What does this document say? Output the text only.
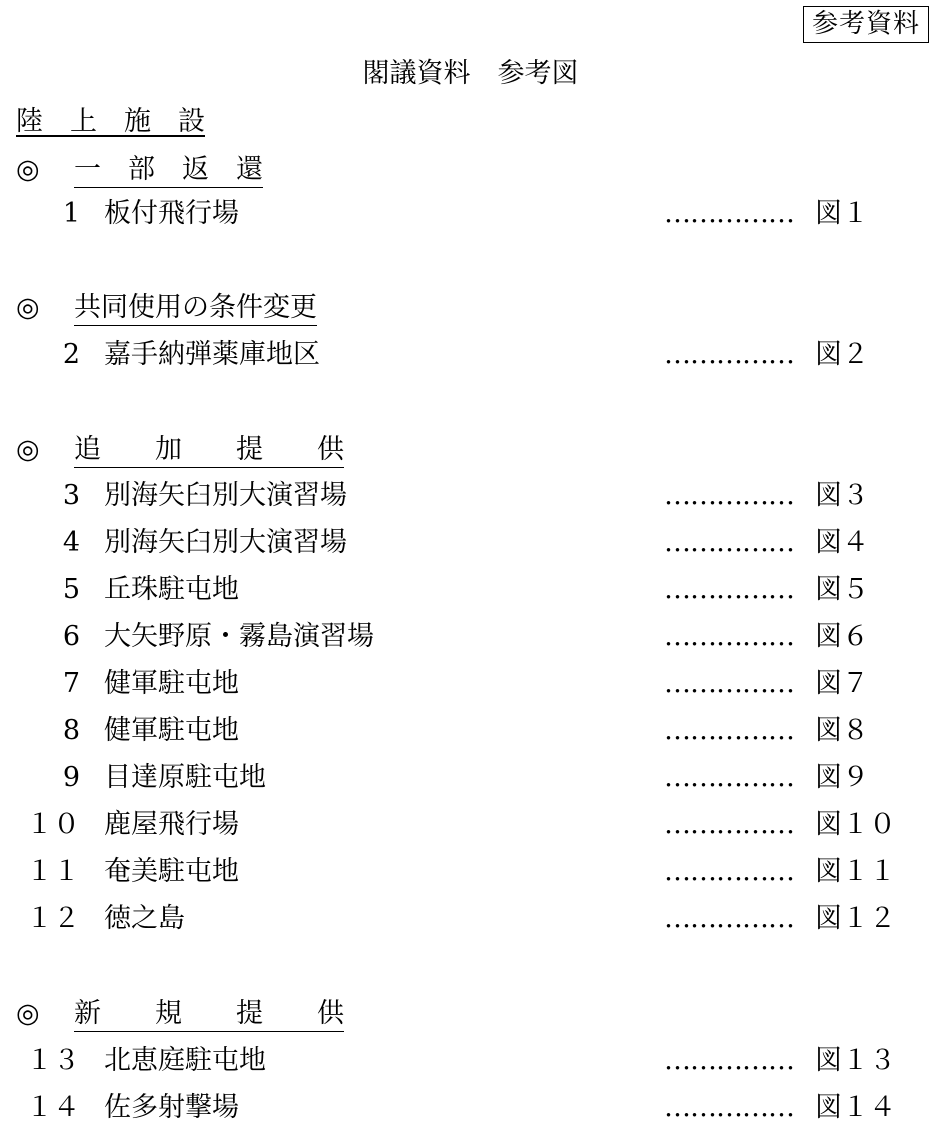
参考資料
閣議資料　参考図
陸　 上　 施　 設
◎ 一　部　返　還
1 板付飛行場	…………… 図１
◎ 共同使用の条件変更
2 嘉手納弾薬庫地区	…………… 図２
◎ 追　　加　　提　　供
3 別海矢臼別大演習場	…………… 図３
4 別海矢臼別大演習場	…………… 図４
5 丘珠駐屯地	…………… 図５
6 大矢野原・霧島演習場	…………… 図６
7 健軍駐屯地	…………… 図７
8 健軍駐屯地	…………… 図８
9 目達原駐屯地	…………… 図９
１０ 鹿屋飛行場	…………… 図１０
１１ 奄美駐屯地	…………… 図１１
１２ 徳之島	…………… 図１２
◎ 新　　規　　提　　供
１３ 北恵庭駐屯地	…………… 図１３
１４ 佐多射撃場	…………… 図１４
